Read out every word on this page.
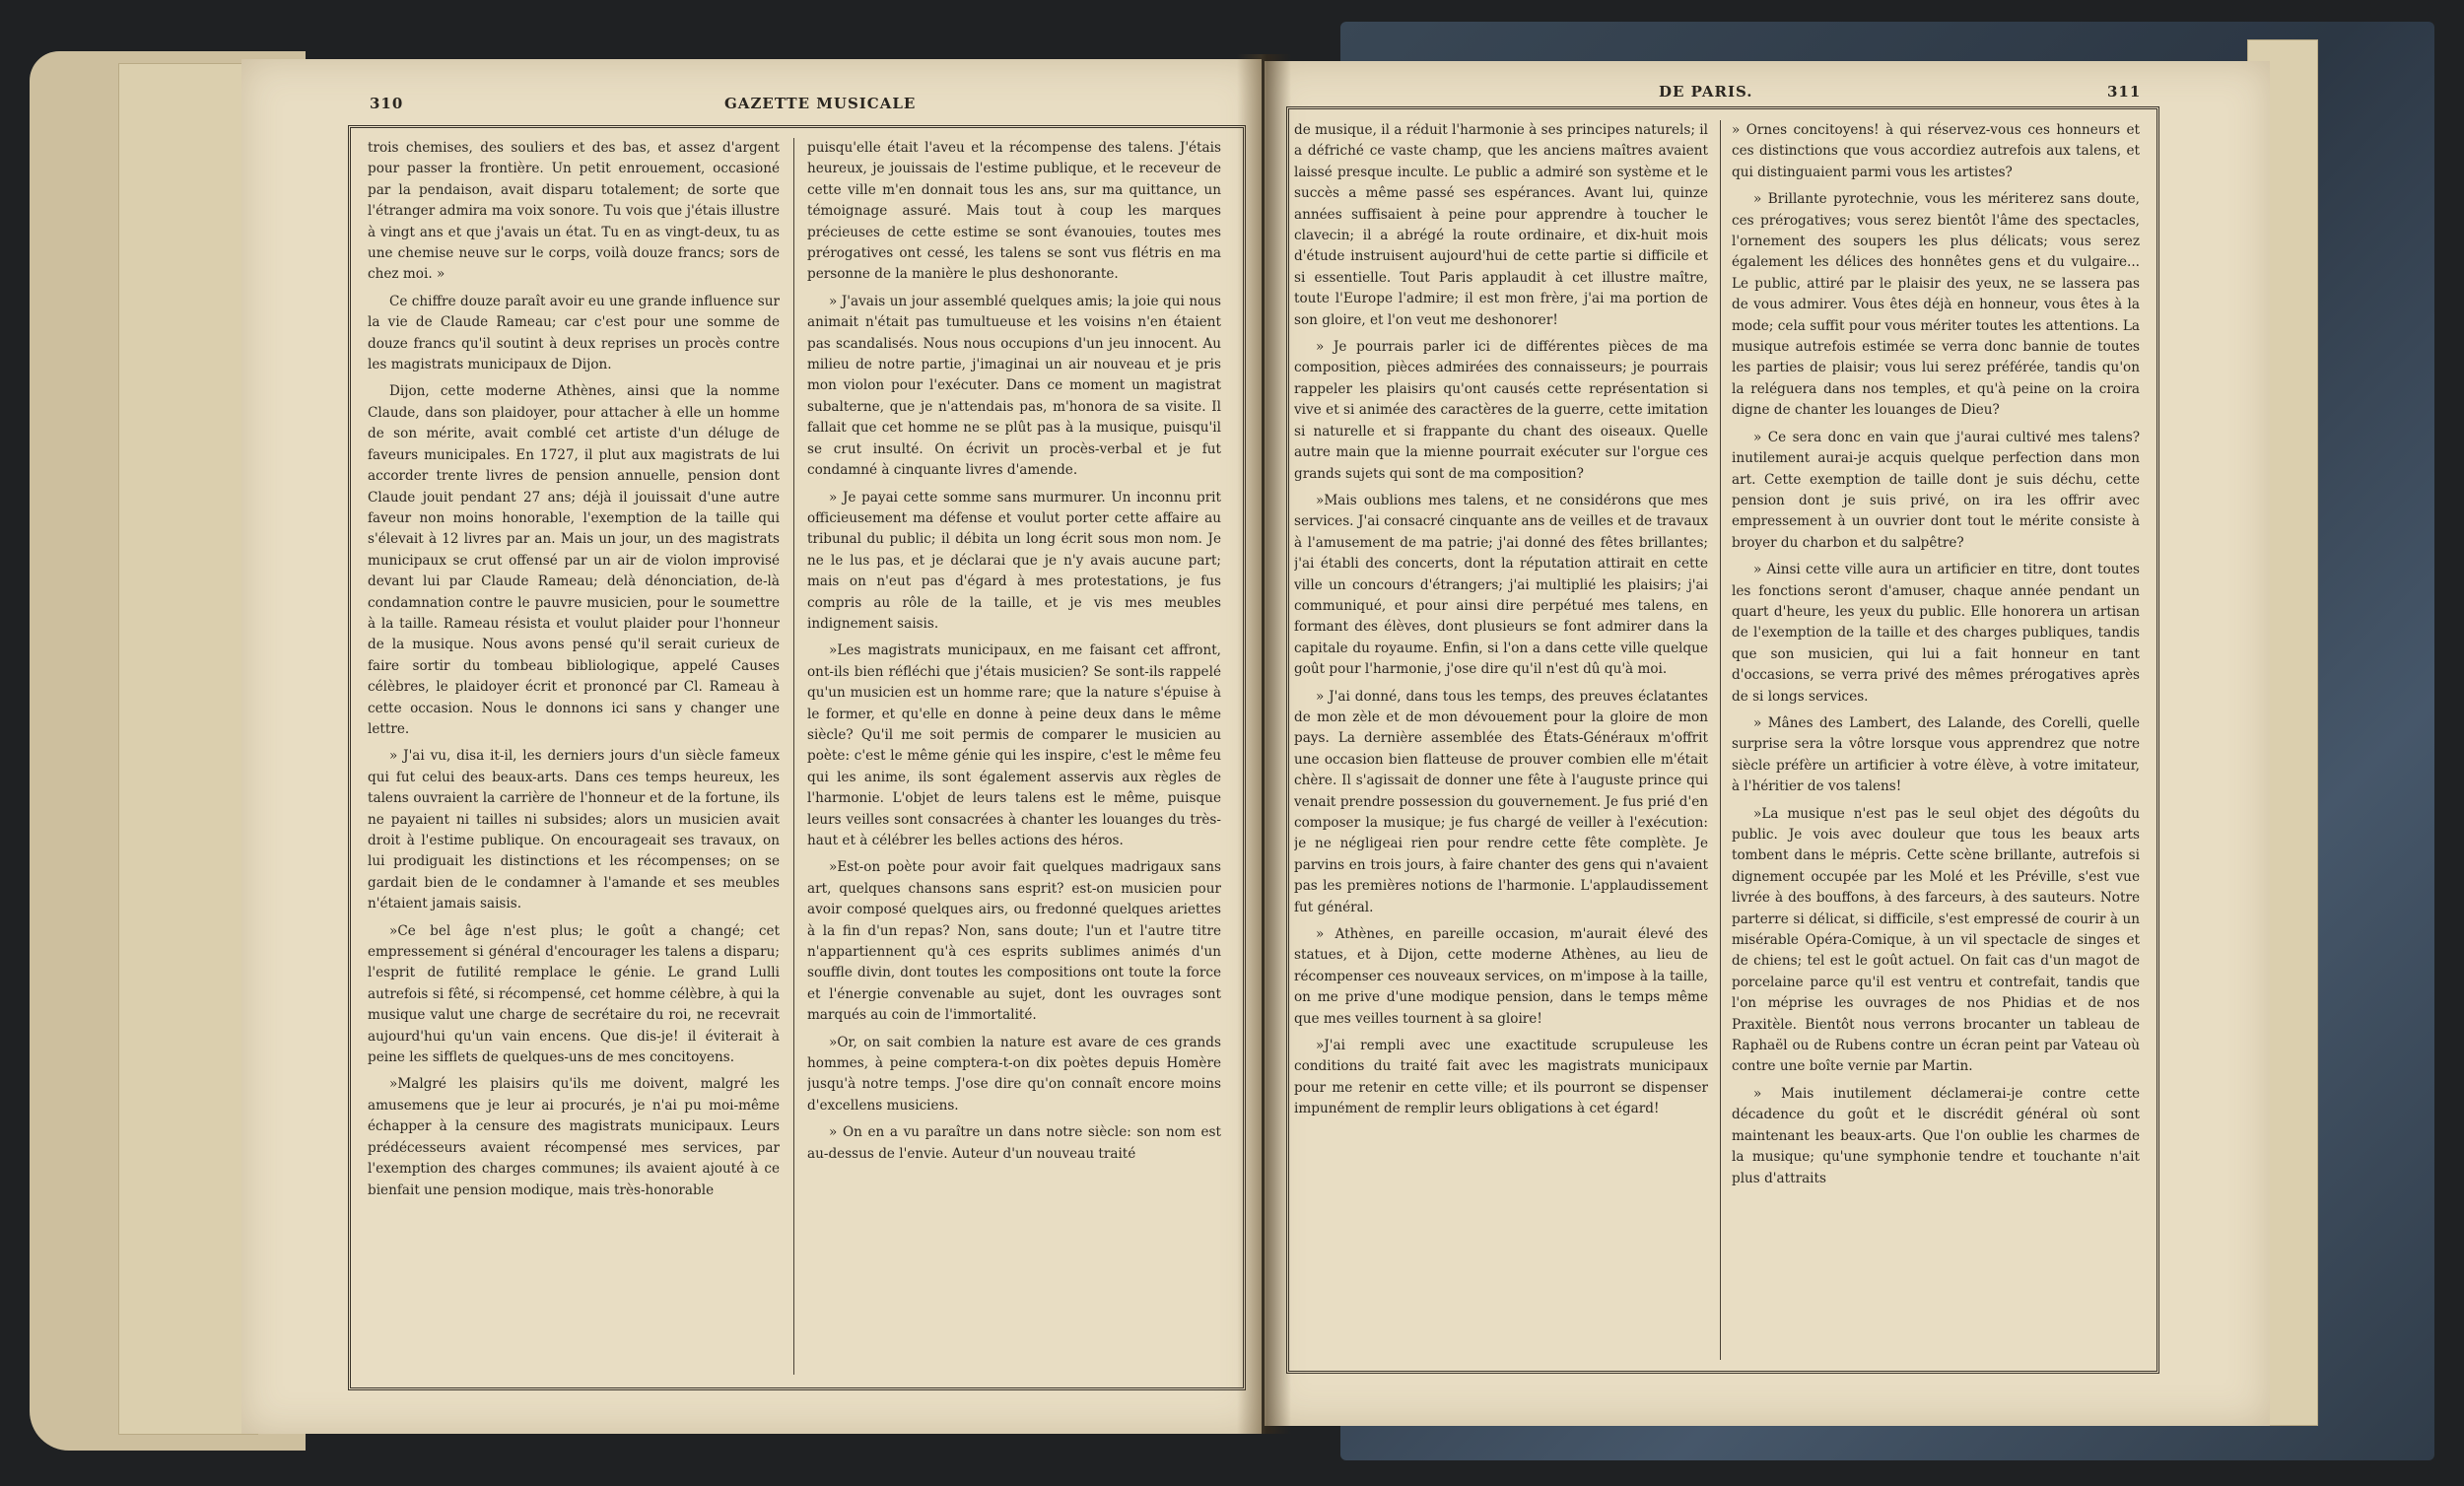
310	GAZETTE MUSICALE

trois chemises, des souliers et des bas, et assez d'argent pour passer la frontière. Un petit enrouement, occasioné par la pendaison, avait disparu totalement; de sorte que l'étranger admira ma voix sonore. Tu vois que j'étais illustre à vingt ans et que j'avais un état. Tu en as vingt-deux, tu as une chemise neuve sur le corps, voilà douze francs; sors de chez moi. »

Ce chiffre douze paraît avoir eu une grande influence sur la vie de Claude Rameau; car c'est pour une somme de douze francs qu'il soutint à deux reprises un procès contre les magistrats municipaux de Dijon.

Dijon, cette moderne Athènes, ainsi que la nomme Claude, dans son plaidoyer, pour attacher à elle un homme de son mérite, avait comblé cet artiste d'un déluge de faveurs municipales. En 1727, il plut aux magistrats de lui accorder trente livres de pension annuelle, pension dont Claude jouit pendant 27 ans; déjà il jouissait d'une autre faveur non moins honorable, l'exemption de la taille qui s'élevait à 12 livres par an. Mais un jour, un des magistrats municipaux se crut offensé par un air de violon improvisé devant lui par Claude Rameau; delà dénonciation, de-là condamnation contre le pauvre musicien, pour le soumettre à la taille. Rameau résista et voulut plaider pour l'honneur de la musique. Nous avons pensé qu'il serait curieux de faire sortir du tombeau bibliologique, appelé Causes célèbres, le plaidoyer écrit et prononcé par Cl. Rameau à cette occasion. Nous le donnons ici sans y changer une lettre.

» J'ai vu, disa it-il, les derniers jours d'un siècle fameux qui fut celui des beaux-arts. Dans ces temps heureux, les talens ouvraient la carrière de l'honneur et de la fortune, ils ne payaient ni tailles ni subsides; alors un musicien avait droit à l'estime publique. On encourageait ses travaux, on lui prodiguait les distinctions et les récompenses; on se gardait bien de le condamner à l'amande et ses meubles n'étaient jamais saisis.

»Ce bel âge n'est plus; le goût a changé; cet empressement si général d'encourager les talens a disparu; l'esprit de futilité remplace le génie. Le grand Lulli autrefois si fêté, si récompensé, cet homme célèbre, à qui la musique valut une charge de secrétaire du roi, ne recevrait aujourd'hui qu'un vain encens. Que dis-je! il éviterait à peine les sifflets de quelques-uns de mes concitoyens.

»Malgré les plaisirs qu'ils me doivent, malgré les amusemens que je leur ai procurés, je n'ai pu moi-même échapper à la censure des magistrats municipaux. Leurs prédécesseurs avaient récompensé mes services, par l'exemption des charges communes; ils avaient ajouté à ce bienfait une pension modique, mais très-honorable

puisqu'elle était l'aveu et la récompense des talens. J'étais heureux, je jouissais de l'estime publique, et le receveur de cette ville m'en donnait tous les ans, sur ma quittance, un témoignage assuré. Mais tout à coup les marques précieuses de cette estime se sont évanouies, toutes mes prérogatives ont cessé, les talens se sont vus flétris en ma personne de la manière le plus deshonorante.

» J'avais un jour assemblé quelques amis; la joie qui nous animait n'était pas tumultueuse et les voisins n'en étaient pas scandalisés. Nous nous occupions d'un jeu innocent. Au milieu de notre partie, j'imaginai un air nouveau et je pris mon violon pour l'exécuter. Dans ce moment un magistrat subalterne, que je n'attendais pas, m'honora de sa visite. Il fallait que cet homme ne se plût pas à la musique, puisqu'il se crut insulté. On écrivit un procès-verbal et je fut condamné à cinquante livres d'amende.

» Je payai cette somme sans murmurer. Un inconnu prit officieusement ma défense et voulut porter cette affaire au tribunal du public; il débita un long écrit sous mon nom. Je ne le lus pas, et je déclarai que je n'y avais aucune part; mais on n'eut pas d'égard à mes protestations, je fus compris au rôle de la taille, et je vis mes meubles indignement saisis.

»Les magistrats municipaux, en me faisant cet affront, ont-ils bien réfléchi que j'étais musicien? Se sont-ils rappelé qu'un musicien est un homme rare; que la nature s'épuise à le former, et qu'elle en donne à peine deux dans le même siècle? Qu'il me soit permis de comparer le musicien au poète: c'est le même génie qui les inspire, c'est le même feu qui les anime, ils sont également asservis aux règles de l'harmonie. L'objet de leurs talens est le même, puisque leurs veilles sont consacrées à chanter les louanges du très-haut et à célébrer les belles actions des héros.

»Est-on poète pour avoir fait quelques madrigaux sans art, quelques chansons sans esprit? est-on musicien pour avoir composé quelques airs, ou fredonné quelques ariettes à la fin d'un repas? Non, sans doute; l'un et l'autre titre n'appartiennent qu'à ces esprits sublimes animés d'un souffle divin, dont toutes les compositions ont toute la force et l'énergie convenable au sujet, dont les ouvrages sont marqués au coin de l'immortalité.

»Or, on sait combien la nature est avare de ces grands hommes, à peine comptera-t-on dix poètes depuis Homère jusqu'à notre temps. J'ose dire qu'on connaît encore moins d'excellens musiciens.

» On en a vu paraître un dans notre siècle: son nom est au-dessus de l'envie. Auteur d'un nouveau traité

DE PARIS.	311

de musique, il a réduit l'harmonie à ses principes naturels; il a défriché ce vaste champ, que les anciens maîtres avaient laissé presque inculte. Le public a admiré son système et le succès a même passé ses espérances. Avant lui, quinze années suffisaient à peine pour apprendre à toucher le clavecin; il a abrégé la route ordinaire, et dix-huit mois d'étude instruisent aujourd'hui de cette partie si difficile et si essentielle. Tout Paris applaudit à cet illustre maître, toute l'Europe l'admire; il est mon frère, j'ai ma portion de son gloire, et l'on veut me deshonorer!

» Je pourrais parler ici de différentes pièces de ma composition, pièces admirées des connaisseurs; je pourrais rappeler les plaisirs qu'ont causés cette représentation si vive et si animée des caractères de la guerre, cette imitation si naturelle et si frappante du chant des oiseaux. Quelle autre main que la mienne pourrait exécuter sur l'orgue ces grands sujets qui sont de ma composition?

»Mais oublions mes talens, et ne considérons que mes services. J'ai consacré cinquante ans de veilles et de travaux à l'amusement de ma patrie; j'ai donné des fêtes brillantes; j'ai établi des concerts, dont la réputation attirait en cette ville un concours d'étrangers; j'ai multiplié les plaisirs; j'ai communiqué, et pour ainsi dire perpétué mes talens, en formant des élèves, dont plusieurs se font admirer dans la capitale du royaume. Enfin, si l'on a dans cette ville quelque goût pour l'harmonie, j'ose dire qu'il n'est dû qu'à moi.

» J'ai donné, dans tous les temps, des preuves éclatantes de mon zèle et de mon dévouement pour la gloire de mon pays. La dernière assemblée des États-Généraux m'offrit une occasion bien flatteuse de prouver combien elle m'était chère. Il s'agissait de donner une fête à l'auguste prince qui venait prendre possession du gouvernement. Je fus prié d'en composer la musique; je fus chargé de veiller à l'exécution: je ne négligeai rien pour rendre cette fête complète. Je parvins en trois jours, à faire chanter des gens qui n'avaient pas les premières notions de l'harmonie. L'applaudissement fut général.

» Athènes, en pareille occasion, m'aurait élevé des statues, et à Dijon, cette moderne Athènes, au lieu de récompenser ces nouveaux services, on m'impose à la taille, on me prive d'une modique pension, dans le temps même que mes veilles tournent à sa gloire!

»J'ai rempli avec une exactitude scrupuleuse les conditions du traité fait avec les magistrats municipaux pour me retenir en cette ville; et ils pourront se dispenser impunément de remplir leurs obligations à cet égard!

» Ornes concitoyens! à qui réservez-vous ces honneurs et ces distinctions que vous accordiez autrefois aux talens, et qui distinguaient parmi vous les artistes?

» Brillante pyrotechnie, vous les mériterez sans doute, ces prérogatives; vous serez bientôt l'âme des spectacles, l'ornement des soupers les plus délicats; vous serez également les délices des honnêtes gens et du vulgaire... Le public, attiré par le plaisir des yeux, ne se lassera pas de vous admirer. Vous êtes déjà en honneur, vous êtes à la mode; cela suffit pour vous mériter toutes les attentions. La musique autrefois estimée se verra donc bannie de toutes les parties de plaisir; vous lui serez préférée, tandis qu'on la reléguera dans nos temples, et qu'à peine on la croira digne de chanter les louanges de Dieu?

» Ce sera donc en vain que j'aurai cultivé mes talens? inutilement aurai-je acquis quelque perfection dans mon art. Cette exemption de taille dont je suis déchu, cette pension dont je suis privé, on ira les offrir avec empressement à un ouvrier dont tout le mérite consiste à broyer du charbon et du salpêtre?

» Ainsi cette ville aura un artificier en titre, dont toutes les fonctions seront d'amuser, chaque année pendant un quart d'heure, les yeux du public. Elle honorera un artisan de l'exemption de la taille et des charges publiques, tandis que son musicien, qui lui a fait honneur en tant d'occasions, se verra privé des mêmes prérogatives après de si longs services.

» Mânes des Lambert, des Lalande, des Corelli, quelle surprise sera la vôtre lorsque vous apprendrez que notre siècle préfère un artificier à votre élève, à votre imitateur, à l'héritier de vos talens!

»La musique n'est pas le seul objet des dégoûts du public. Je vois avec douleur que tous les beaux arts tombent dans le mépris. Cette scène brillante, autrefois si dignement occupée par les Molé et les Préville, s'est vue livrée à des bouffons, à des farceurs, à des sauteurs. Notre parterre si délicat, si difficile, s'est empressé de courir à un misérable Opéra-Comique, à un vil spectacle de singes et de chiens; tel est le goût actuel. On fait cas d'un magot de porcelaine parce qu'il est ventru et contrefait, tandis que l'on méprise les ouvrages de nos Phidias et de nos Praxitèle. Bientôt nous verrons brocanter un tableau de Raphaël ou de Rubens contre un écran peint par Vateau où contre une boîte vernie par Martin.

» Mais inutilement déclamerai-je contre cette décadence du goût et le discrédit général où sont maintenant les beaux-arts. Que l'on oublie les charmes de la musique; qu'une symphonie tendre et touchante n'ait plus d'attraits
